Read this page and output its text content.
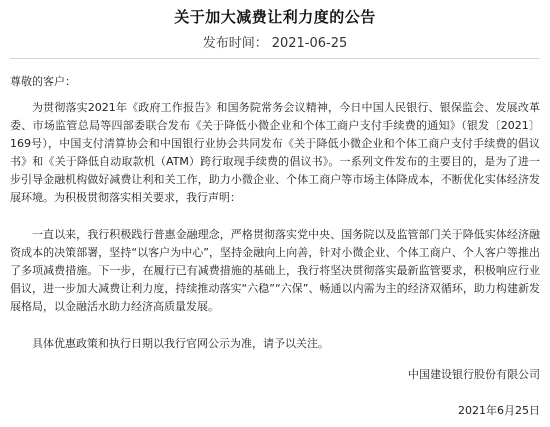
关于加大减费让利力度的公告
发布时间： 2021-06-25

尊敬的客户：

为贯彻落实2021年《政府工作报告》和国务院常务会议精神，今日中国人民银行、银保监会、发展改革委、市场监管总局等四部委联合发布《关于降低小微企业和个体工商户支付手续费的通知》（银发〔2021〕169号），中国支付清算协会和中国银行业协会共同发布《关于降低小微企业和个体工商户支付手续费的倡议书》和《关于降低自动取款机（ATM）跨行取现手续费的倡议书》。一系列文件发布的主要目的，是为了进一步引导金融机构做好减费让利和关工作，助力小微企业、个体工商户等市场主体降成本，不断优化实体经济发展环境。为积极贯彻落实相关要求，我行声明：

一直以来，我行积极践行普惠金融理念，严格贯彻落实党中央、国务院以及监管部门关于降低实体经济融资成本的决策部署，坚持“以客户为中心”，坚持金融向上向善，针对小微企业、个体工商户、个人客户等推出了多项减费措施。下一步，在履行已有减费措施的基础上，我行将坚决贯彻落实最新监管要求，积极响应行业倡议，进一步加大减费让利力度，持续推动落实“六稳”“六保”、畅通以内需为主的经济双循环，助力构建新发展格局，以金融活水助力经济高质量发展。

具体优惠政策和执行日期以我行官网公示为准，请予以关注。

中国建设银行股份有限公司
2021年6月25日
